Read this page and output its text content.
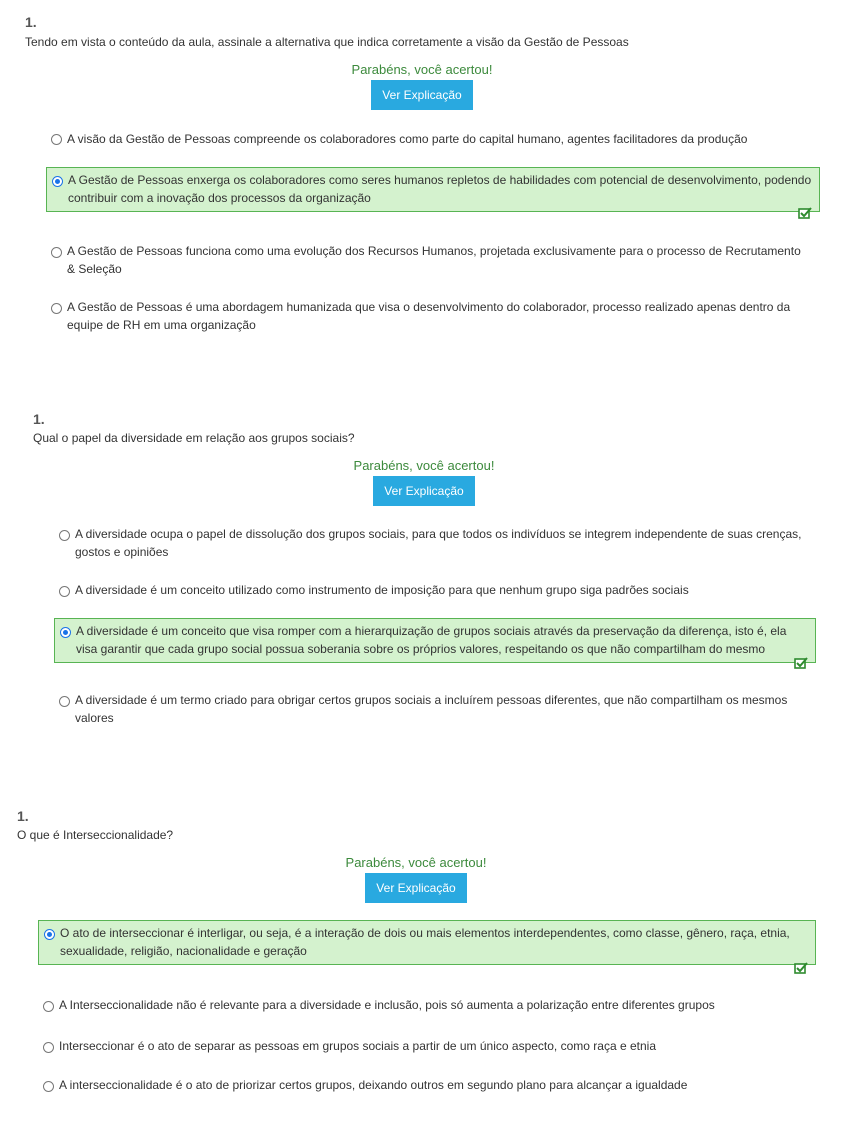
1.
Tendo em vista o conteúdo da aula, assinale a alternativa que indica corretamente a visão da Gestão de Pessoas
Parabéns, você acertou!
Ver Explicação
A visão da Gestão de Pessoas compreende os colaboradores como parte do capital humano, agentes facilitadores da produção
A Gestão de Pessoas enxerga os colaboradores como seres humanos repletos de habilidades com potencial de desenvolvimento, podendo contribuir com a inovação dos processos da organização
A Gestão de Pessoas funciona como uma evolução dos Recursos Humanos, projetada exclusivamente para o processo de Recrutamento & Seleção
A Gestão de Pessoas é uma abordagem humanizada que visa o desenvolvimento do colaborador, processo realizado apenas dentro da equipe de RH em uma organização
1.
Qual o papel da diversidade em relação aos grupos sociais?
Parabéns, você acertou!
Ver Explicação
A diversidade ocupa o papel de dissolução dos grupos sociais, para que todos os indivíduos se integrem independente de suas crenças, gostos e opiniões
A diversidade é um conceito utilizado como instrumento de imposição para que nenhum grupo siga padrões sociais
A diversidade é um conceito que visa romper com a hierarquização de grupos sociais através da preservação da diferença, isto é, ela visa garantir que cada grupo social possua soberania sobre os próprios valores, respeitando os que não compartilham do mesmo
A diversidade é um termo criado para obrigar certos grupos sociais a incluírem pessoas diferentes, que não compartilham os mesmos valores
1.
O que é Interseccionalidade?
Parabéns, você acertou!
Ver Explicação
O ato de interseccionar é interligar, ou seja, é a interação de dois ou mais elementos interdependentes, como classe, gênero, raça, etnia, sexualidade, religião, nacionalidade e geração
A Interseccionalidade não é relevante para a diversidade e inclusão, pois só aumenta a polarização entre diferentes grupos
Interseccionar é o ato de separar as pessoas em grupos sociais a partir de um único aspecto, como raça e etnia
A interseccionalidade é o ato de priorizar certos grupos, deixando outros em segundo plano para alcançar a igualdade
